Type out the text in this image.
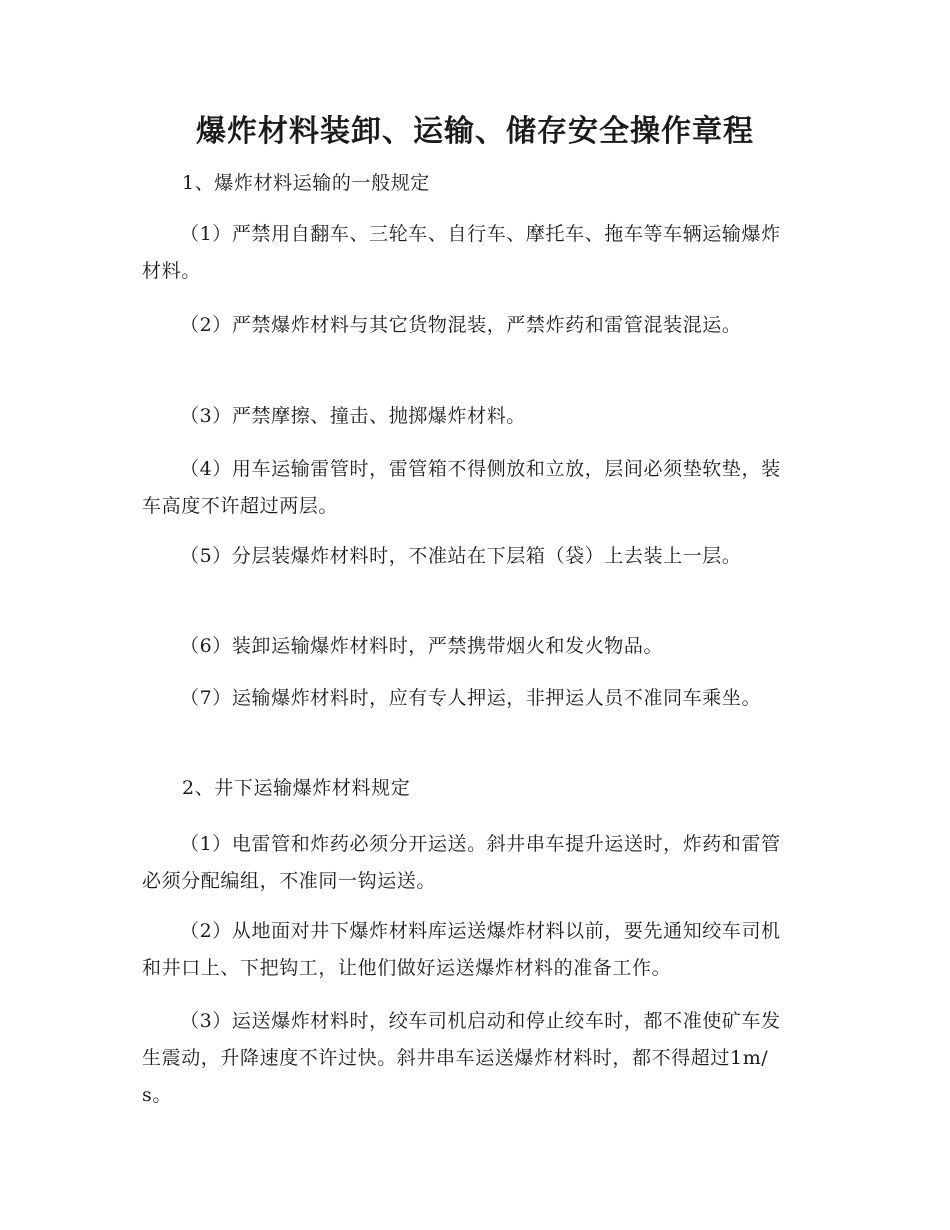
爆炸材料装卸、运输、储存安全操作章程

1、爆炸材料运输的一般规定

（1）严禁用自翻车、三轮车、自行车、摩托车、拖车等车辆运输爆炸材料。

（2）严禁爆炸材料与其它货物混装，严禁炸药和雷管混装混运。

（3）严禁摩擦、撞击、抛掷爆炸材料。

（4）用车运输雷管时，雷管箱不得侧放和立放，层间必须垫软垫，装车高度不许超过两层。

（5）分层装爆炸材料时，不准站在下层箱（袋）上去装上一层。

（6）装卸运输爆炸材料时，严禁携带烟火和发火物品。

（7）运输爆炸材料时，应有专人押运，非押运人员不准同车乘坐。

2、井下运输爆炸材料规定

（1）电雷管和炸药必须分开运送。斜井串车提升运送时，炸药和雷管必须分配编组，不准同一钩运送。

（2）从地面对井下爆炸材料库运送爆炸材料以前，要先通知绞车司机和井口上、下把钩工，让他们做好运送爆炸材料的准备工作。

（3）运送爆炸材料时，绞车司机启动和停止绞车时，都不准使矿车发生震动，升降速度不许过快。斜井串车运送爆炸材料时，都不得超过1m/s。
